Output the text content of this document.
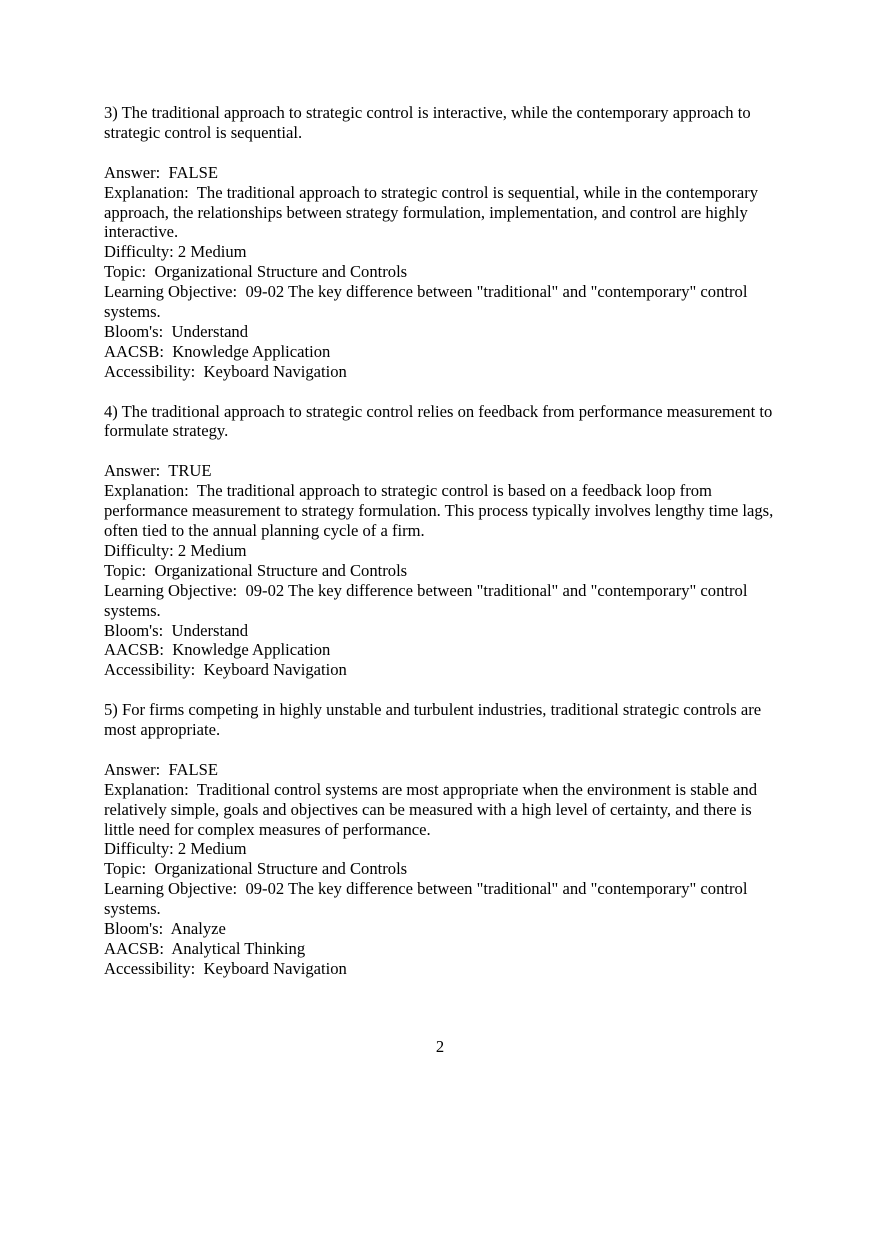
3) The traditional approach to strategic control is interactive, while the contemporary approach to strategic control is sequential.
Answer:  FALSE
Explanation:  The traditional approach to strategic control is sequential, while in the contemporary approach, the relationships between strategy formulation, implementation, and control are highly interactive.
Difficulty: 2 Medium
Topic:  Organizational Structure and Controls
Learning Objective:  09-02 The key difference between "traditional" and "contemporary" control systems.
Bloom's:  Understand
AACSB:  Knowledge Application
Accessibility:  Keyboard Navigation
4) The traditional approach to strategic control relies on feedback from performance measurement to formulate strategy.
Answer:  TRUE
Explanation:  The traditional approach to strategic control is based on a feedback loop from performance measurement to strategy formulation. This process typically involves lengthy time lags, often tied to the annual planning cycle of a firm.
Difficulty: 2 Medium
Topic:  Organizational Structure and Controls
Learning Objective:  09-02 The key difference between "traditional" and "contemporary" control systems.
Bloom's:  Understand
AACSB:  Knowledge Application
Accessibility:  Keyboard Navigation
5) For firms competing in highly unstable and turbulent industries, traditional strategic controls are most appropriate.
Answer:  FALSE
Explanation:  Traditional control systems are most appropriate when the environment is stable and relatively simple, goals and objectives can be measured with a high level of certainty, and there is little need for complex measures of performance.
Difficulty: 2 Medium
Topic:  Organizational Structure and Controls
Learning Objective:  09-02 The key difference between "traditional" and "contemporary" control systems.
Bloom's:  Analyze
AACSB:  Analytical Thinking
Accessibility:  Keyboard Navigation
2
